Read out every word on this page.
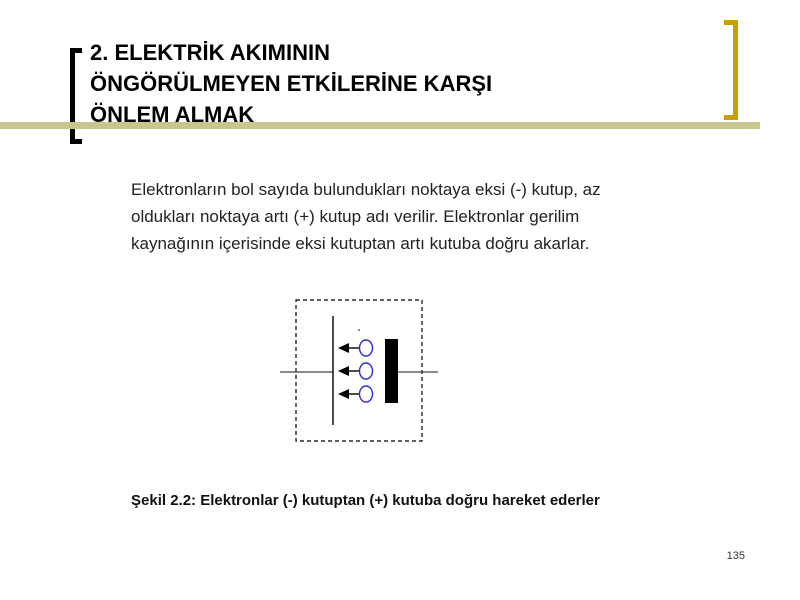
2. ELEKTRİK AKIMININ
ÖNGÖRÜLMEYEN ETKİLERİNE KARŞI
ÖNLEM ALMAK
Elektronların bol sayıda bulundukları noktaya eksi (-) kutup, az
oldukları noktaya artı (+) kutup adı verilir. Elektronlar gerilim
kaynağının içerisinde eksi kutuptan artı kutuba doğru akarlar.
Şekil 2.2: Elektronlar (-) kutuptan (+) kutuba doğru hareket ederler
135
